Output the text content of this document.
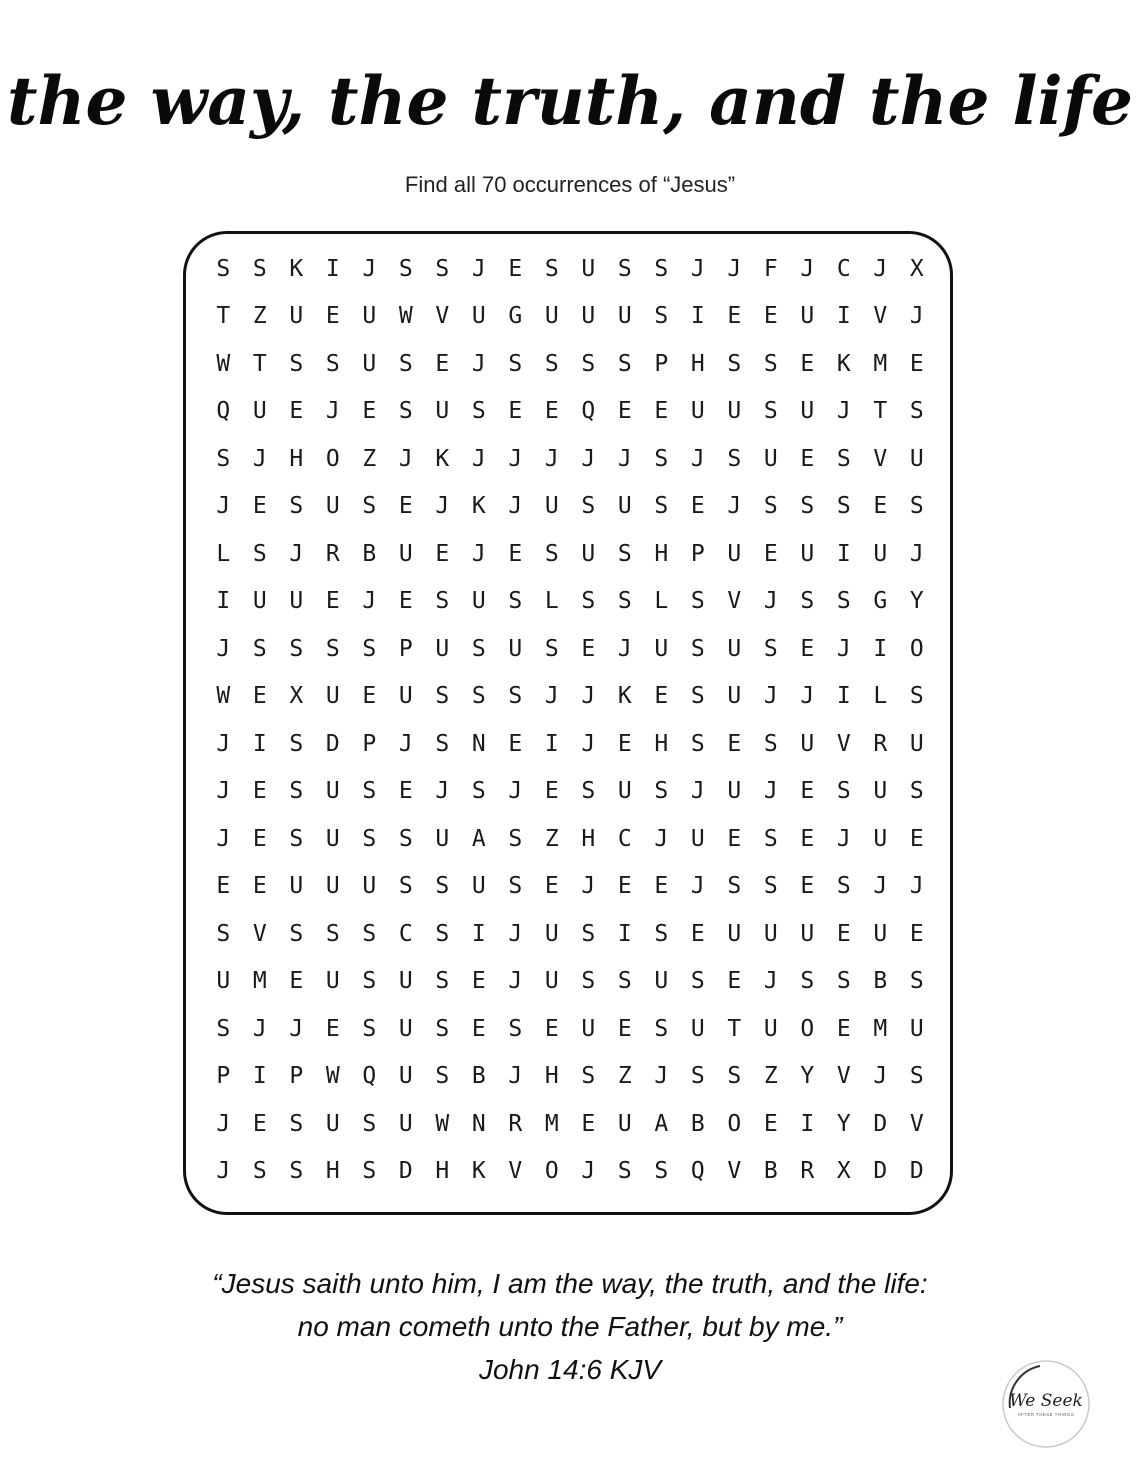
the way, the truth, and the life
Find all 70 occurrences of “Jesus”
S S K I J S S J E S U S S J J F J C J X
T Z U E U W V U G U U U S I E E U I V J
W T S S U S E J S S S S P H S S E K M E
Q U E J E S U S E E Q E E U U S U J T S
S J H O Z J K J J J J J S J S U E S V U
J E S U S E J K J U S U S E J S S S E S
L S J R B U E J E S U S H P U E U I U J
I U U E J E S U S L S S L S V J S S G Y
J S S S S P U S U S E J U S U S E J I O
W E X U E U S S S J J K E S U J J I L S
J I S D P J S N E I J E H S E S U V R U
J E S U S E J S J E S U S J U J E S U S
J E S U S S U A S Z H C J U E S E J U E
E E U U U S S U S E J E E J S S E S J J
S V S S S C S I J U S I S E U U U E U E
U M E U S U S E J U S S U S E J S S B S
S J J E S U S E S E U E S U T U O E M U
P I P W Q U S B J H S Z J S S Z Y V J S
J E S U S U W N R M E U A B O E I Y D V
J S S H S D H K V O J S S Q V B R X D D
“Jesus saith unto him, I am the way, the truth, and the life:
no man cometh unto the Father, but by me.”
John 14:6 KJV
We Seek
AFTER THESE THINGS
